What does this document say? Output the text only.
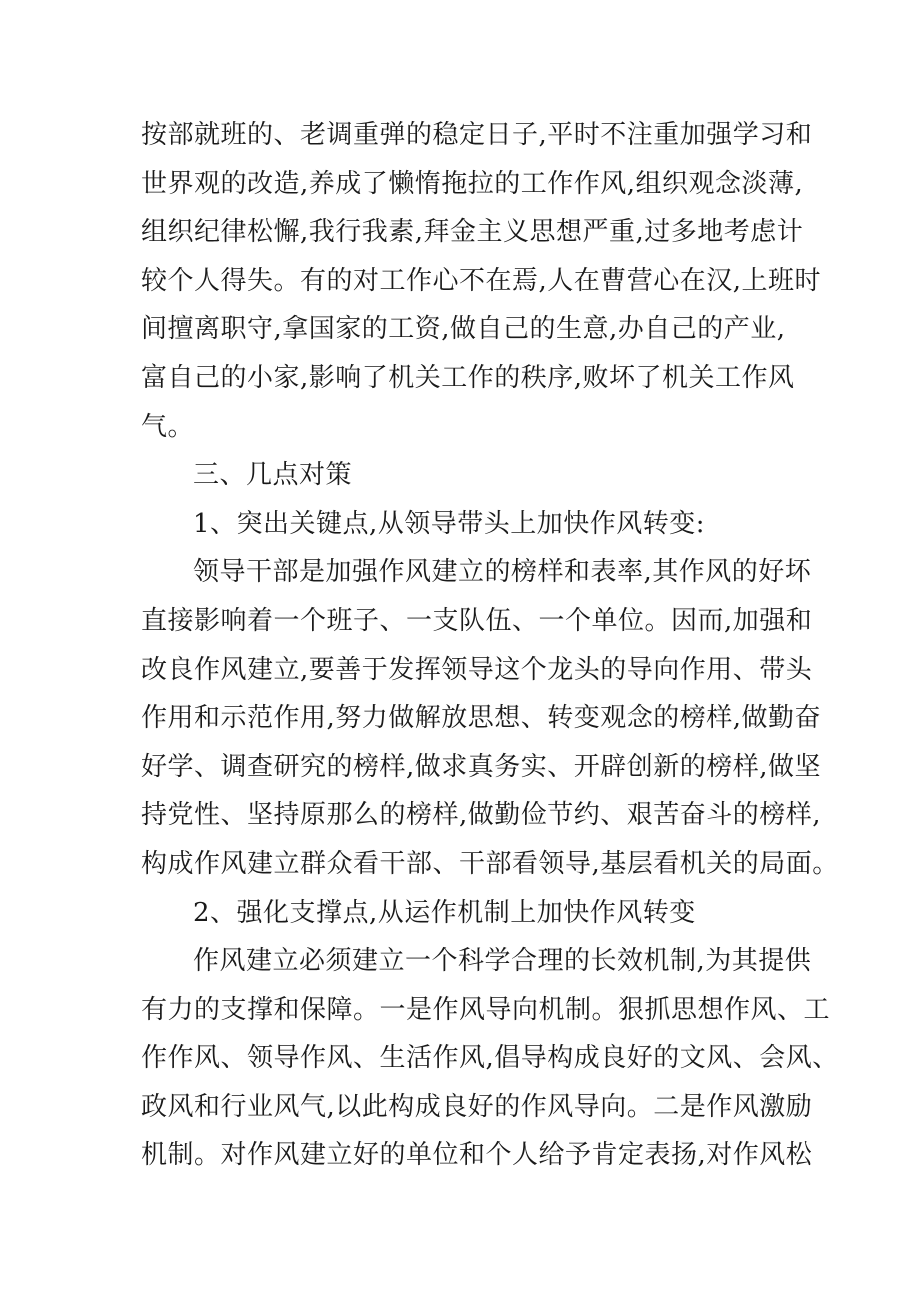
按部就班的、老调重弹的稳定日子,平时不注重加强学习和
世界观的改造,养成了懒惰拖拉的工作作风,组织观念淡薄,
组织纪律松懈,我行我素,拜金主义思想严重,过多地考虑计
较个人得失。有的对工作心不在焉,人在曹营心在汉,上班时
间擅离职守,拿国家的工资,做自己的生意,办自己的产业,
富自己的小家,影响了机关工作的秩序,败坏了机关工作风
气。
三、几点对策
1、突出关键点,从领导带头上加快作风转变:
领导干部是加强作风建立的榜样和表率,其作风的好坏
直接影响着一个班子、一支队伍、一个单位。因而,加强和
改良作风建立,要善于发挥领导这个龙头的导向作用、带头
作用和示范作用,努力做解放思想、转变观念的榜样,做勤奋
好学、调查研究的榜样,做求真务实、开辟创新的榜样,做坚
持党性、坚持原那么的榜样,做勤俭节约、艰苦奋斗的榜样,
构成作风建立群众看干部、干部看领导,基层看机关的局面。
2、强化支撑点,从运作机制上加快作风转变
作风建立必须建立一个科学合理的长效机制,为其提供
有力的支撑和保障。一是作风导向机制。狠抓思想作风、工
作作风、领导作风、生活作风,倡导构成良好的文风、会风、
政风和行业风气,以此构成良好的作风导向。二是作风激励
机制。对作风建立好的单位和个人给予肯定表扬,对作风松
